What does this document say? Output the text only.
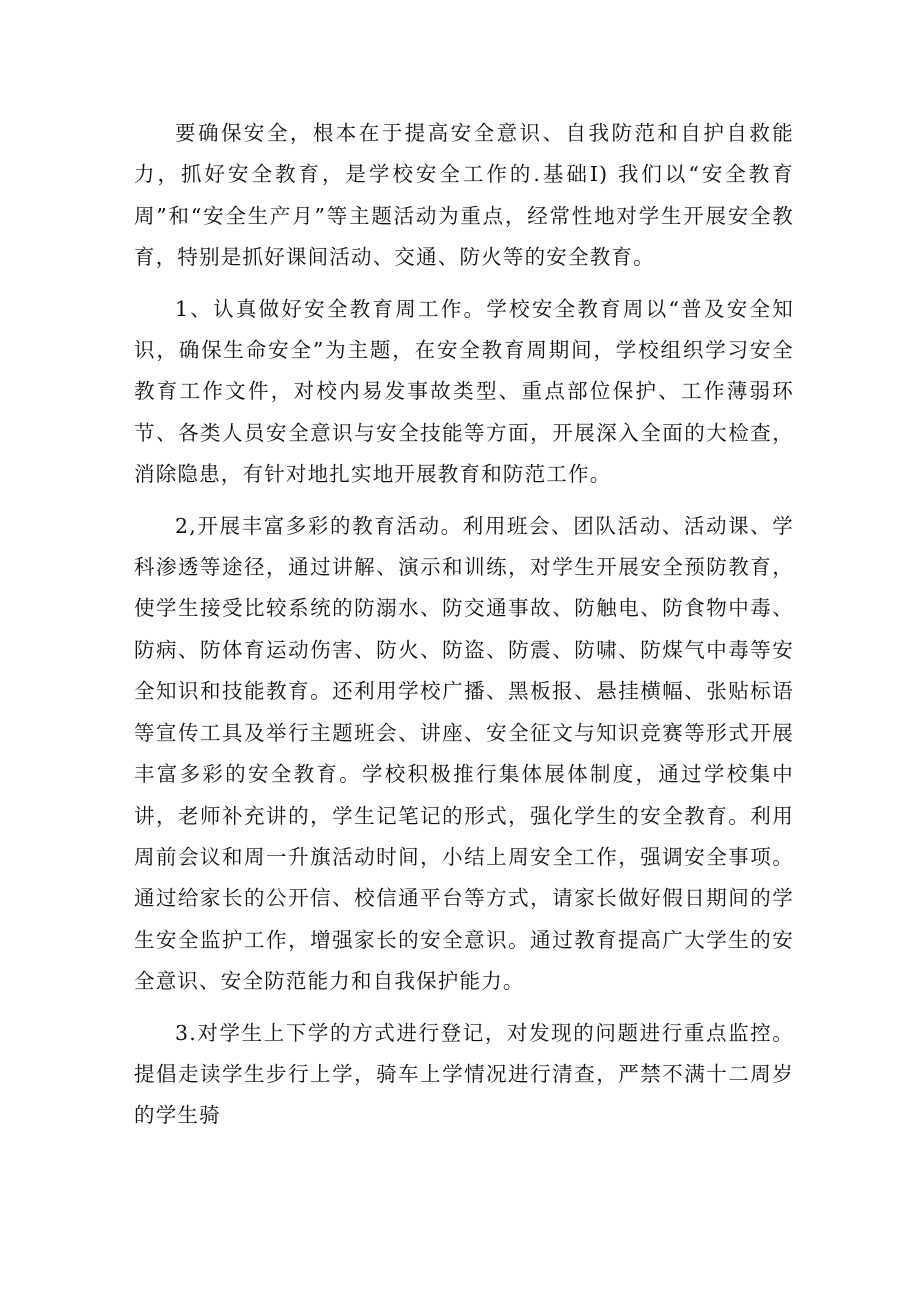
要确保安全，根本在于提高安全意识、自我防范和自护自救能力，抓好安全教育，是学校安全工作的.基础I) 我们以“安全教育周”和“安全生产月”等主题活动为重点，经常性地对学生开展安全教育，特别是抓好课间活动、交通、防火等的安全教育。

1、认真做好安全教育周工作。学校安全教育周以“普及安全知识，确保生命安全”为主题，在安全教育周期间，学校组织学习安全教育工作文件，对校内易发事故类型、重点部位保护、工作薄弱环节、各类人员安全意识与安全技能等方面，开展深入全面的大检查，消除隐患，有针对地扎实地开展教育和防范工作。

2,开展丰富多彩的教育活动。利用班会、团队活动、活动课、学科渗透等途径，通过讲解、演示和训练，对学生开展安全预防教育，使学生接受比较系统的防溺水、防交通事故、防触电、防食物中毒、防病、防体育运动伤害、防火、防盗、防震、防啸、防煤气中毒等安全知识和技能教育。还利用学校广播、黑板报、悬挂横幅、张贴标语等宣传工具及举行主题班会、讲座、安全征文与知识竞赛等形式开展丰富多彩的安全教育。学校积极推行集体展体制度，通过学校集中讲，老师补充讲的，学生记笔记的形式，强化学生的安全教育。利用周前会议和周一升旗活动时间，小结上周安全工作，强调安全事项。通过给家长的公开信、校信通平台等方式，请家长做好假日期间的学生安全监护工作，增强家长的安全意识。通过教育提高广大学生的安全意识、安全防范能力和自我保护能力。

3.对学生上下学的方式进行登记，对发现的问题进行重点监控。提倡走读学生步行上学，骑车上学情况进行清查，严禁不满十二周岁的学生骑
